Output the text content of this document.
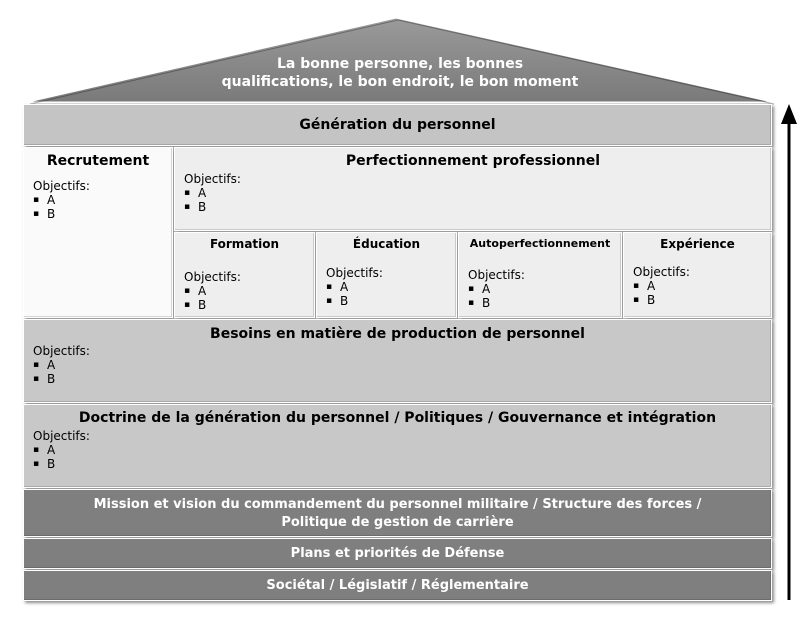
La bonne personne, les bonnes
qualifications, le bon endroit, le bon moment
Génération du personnel
Recrutement
Objectifs:
▪ A
▪ B
Perfectionnement professionnel
Objectifs:
▪ A
▪ B
Formation
Objectifs:
▪ A
▪ B
Éducation
Objectifs:
▪ A
▪ B
Autoperfectionnement
Objectifs:
▪ A
▪ B
Expérience
Objectifs:
▪ A
▪ B
Besoins en matière de production de personnel
Objectifs:
▪ A
▪ B
Doctrine de la génération du personnel / Politiques / Gouvernance et intégration
Objectifs:
▪ A
▪ B
Mission et vision du commandement du personnel militaire / Structure des forces /
Politique de gestion de carrière
Plans et priorités de Défense
Sociétal / Législatif / Réglementaire
